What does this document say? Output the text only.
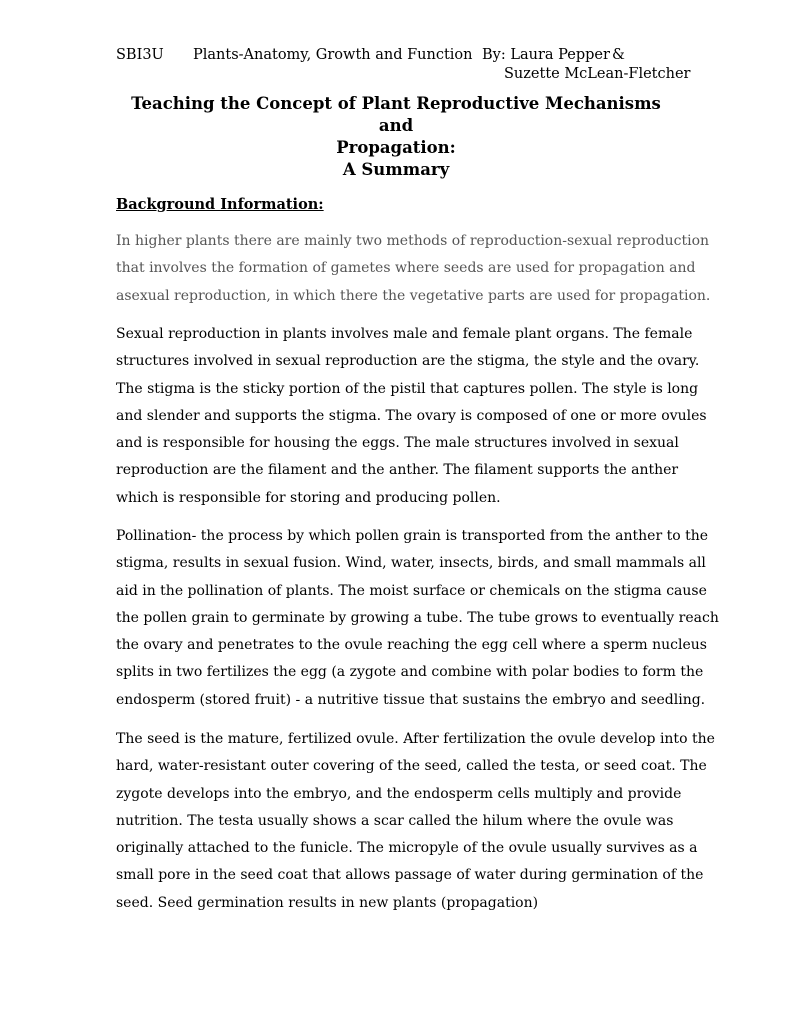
SBI3U Plants-Anatomy, Growth and Function By: Laura Pepper &
Suzette McLean-Fletcher
Teaching the Concept of Plant Reproductive Mechanisms and
Propagation:
A Summary
Background Information:

In higher plants there are mainly two methods of reproduction-sexual reproduction
that involves the formation of gametes where seeds are used for propagation and
asexual reproduction, in which there the vegetative parts are used for propagation.

Sexual reproduction in plants involves male and female plant organs. The female
structures involved in sexual reproduction are the stigma, the style and the ovary.
The stigma is the sticky portion of the pistil that captures pollen. The style is long
and slender and supports the stigma. The ovary is composed of one or more ovules
and is responsible for housing the eggs. The male structures involved in sexual
reproduction are the filament and the anther. The filament supports the anther
which is responsible for storing and producing pollen.

Pollination- the process by which pollen grain is transported from the anther to the
stigma, results in sexual fusion. Wind, water, insects, birds, and small mammals all
aid in the pollination of plants. The moist surface or chemicals on the stigma cause
the pollen grain to germinate by growing a tube. The tube grows to eventually reach
the ovary and penetrates to the ovule reaching the egg cell where a sperm nucleus
splits in two fertilizes the egg (a zygote and combine with polar bodies to form the
endosperm (stored fruit) - a nutritive tissue that sustains the embryo and seedling.

The seed is the mature, fertilized ovule. After fertilization the ovule develop into the
hard, water-resistant outer covering of the seed, called the testa, or seed coat. The
zygote develops into the embryo, and the endosperm cells multiply and provide
nutrition. The testa usually shows a scar called the hilum where the ovule was
originally attached to the funicle. The micropyle of the ovule usually survives as a
small pore in the seed coat that allows passage of water during germination of the
seed. Seed germination results in new plants (propagation)
